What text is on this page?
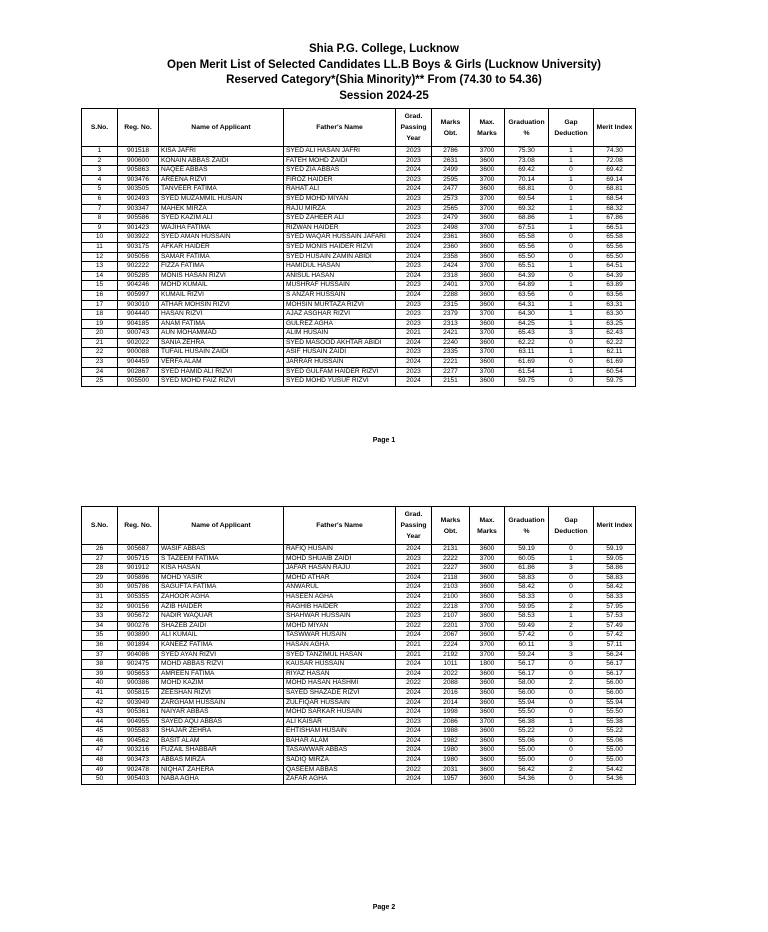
Shia P.G. College, Lucknow
Open Merit List of Selected Candidates LL.B Boys & Girls (Lucknow University)
Reserved Category*(Shia Minority)** From (74.30 to 54.36)
Session 2024-25
S.No.	Reg. No.	Name of Applicant	Father's Name	Grad. Passing Year	Marks Obt.	Max. Marks	Graduation %	Gap Deduction	Merit Index
1	901518	KISA JAFRI	SYED ALI HASAN JAFRI	2023	2786	3700	75.30	1	74.30
2	900600	KONAIN ABBAS ZAIDI	FATEH MOHD ZAIDI	2023	2631	3600	73.08	1	72.08
3	905863	NAQEE ABBAS	SYED ZIA ABBAS	2024	2499	3600	69.42	0	69.42
4	903476	AREENA RIZVI	FIROZ HAIDER	2023	2595	3700	70.14	1	69.14
5	903505	TANVEER FATIMA	RAHAT ALI	2024	2477	3600	68.81	0	68.81
6	902493	SYED MUZAMMIL HUSAIN	SYED MOHD MIYAN	2023	2573	3700	69.54	1	68.54
7	903347	MAHEK MIRZA	RAJU MIRZA	2023	2565	3700	69.32	1	68.32
8	905586	SYED KAZIM ALI	SYED ZAHEER ALI	2023	2479	3600	68.86	1	67.86
9	901423	WAJIHA FATIMA	RIZWAN HAIDER	2023	2498	3700	67.51	1	66.51
10	903922	SYED AMAN HUSSAIN	SYED WAQAR HUSSAIN JAFARI	2024	2361	3600	65.58	0	65.58
11	903175	AFKAR HAIDER	SYED MONIS HAIDER RIZVI	2024	2360	3600	65.56	0	65.56
12	905056	SAMAR FATIMA	SYED HUSAIN ZAMIN ABIDI	2024	2358	3600	65.50	0	65.50
13	902222	FIZZA FATIMA	HAMIDUL HASAN	2023	2424	3700	65.51	1	64.51
14	905285	MONIS HASAN RIZVI	ANISUL HASAN	2024	2318	3600	64.39	0	64.39
15	904246	MOHD KUMAIL	MUSHRAF HUSSAIN	2023	2401	3700	64.89	1	63.89
16	905997	KUMAIL RIZVI	S ANZAR HUSSAIN	2024	2288	3600	63.56	0	63.56
17	903010	ATHAR MOHSIN RIZVI	MOHSIN MURTAZA RIZVI	2023	2315	3600	64.31	1	63.31
18	904440	HASAN RIZVI	AJAZ ASGHAR RIZVI	2023	2379	3700	64.30	1	63.30
19	904185	ANAM FATIMA	GULREZ AGHA	2023	2313	3600	64.25	1	63.25
20	900743	AUN MOHAMMAD	ALIM HUSAIN	2021	2421	3700	65.43	3	62.43
21	902022	SANIA ZEHRA	SYED MASOOD AKHTAR ABIDI	2024	2240	3600	62.22	0	62.22
22	900088	TUFAIL HUSAIN ZAIDI	ASIF HUSAIN ZAIDI	2023	2335	3700	63.11	1	62.11
23	904459	VERFA ALAM	JARRAR HUSSAIN	2024	2221	3600	61.69	0	61.69
24	902867	SYED HAMID ALI RIZVI	SYED GULFAM HAIDER RIZVI	2023	2277	3700	61.54	1	60.54
25	905500	SYED MOHD FAIZ RIZVI	SYED MOHD YUSUF RIZVI	2024	2151	3600	59.75	0	59.75
Page 1
S.No.	Reg. No.	Name of Applicant	Father's Name	Grad. Passing Year	Marks Obt.	Max. Marks	Graduation %	Gap Deduction	Merit Index
26	905687	WASIF ABBAS	RAFIQ HUSAIN	2024	2131	3600	59.19	0	59.19
27	905715	S TAZEEM FATIMA	MOHD SHUAIB ZAIDI	2023	2222	3700	60.05	1	59.05
28	901912	KISA HASAN	JAFAR HASAN RAJU	2021	2227	3600	61.86	3	58.86
29	905896	MOHD YASIR	MOHD ATHAR	2024	2118	3600	58.83	0	58.83
30	905786	SAGUFTA FATIMA	ANWARUL	2024	2103	3600	58.42	0	58.42
31	905355	ZAHOOR AGHA	HASEEN AGHA	2024	2100	3600	58.33	0	58.33
32	900156	AZIB HAIDER	RAGHIB HAIDER	2022	2218	3700	59.95	2	57.95
33	905672	NADIR WAQUAR	SHAHWAR HUSSAIN	2023	2107	3600	58.53	1	57.53
34	900276	SHAZEB ZAIDI	MOHD MIYAN	2022	2201	3700	59.49	2	57.49
35	903890	ALI KUMAIL	TASWWAR HUSAIN	2024	2067	3600	57.42	0	57.42
36	901894	KANEEZ FATIMA	HASAN AGHA	2021	2224	3700	60.11	3	57.11
37	904086	SYED AYAN RIZVI	SYED TANZIMUL HASAN	2021	2192	3700	59.24	3	56.24
38	902475	MOHD ABBAS RIZVI	KAUSAR HUSSAIN	2024	1011	1800	56.17	0	56.17
39	905653	AMREEN FATIMA	RIYAZ HASAN	2024	2022	3600	56.17	0	56.17
40	900386	MOHD KAZIM	MOHD HASAN HASHMI	2022	2088	3600	58.00	2	56.00
41	905815	ZEESHAN RIZVI	SAYED SHAZADE RIZVI	2024	2016	3600	56.00	0	56.00
42	903949	ZARGHAM HUSSAIN	ZULFIQAR HUSSAIN	2024	2014	3600	55.94	0	55.94
43	905361	NAIYAR ABBAS	MOHD SARKAR HUSAIN	2024	1998	3600	55.50	0	55.50
44	904955	SAYED AQU ABBAS	ALI KAISAR	2023	2086	3700	56.38	1	55.38
45	905583	SHAJAR ZEHRA	EHTISHAM HUSAIN	2024	1988	3600	55.22	0	55.22
46	904562	BASIT ALAM	BAHAR ALAM	2024	1982	3600	55.06	0	55.06
47	903216	FUZAIL SHABBAR	TASAWWAR ABBAS	2024	1980	3600	55.00	0	55.00
48	903473	ABBAS MIRZA	SADIQ MIRZA	2024	1980	3600	55.00	0	55.00
49	902478	NIQHAT ZAHERA	QASEEM ABBAS	2022	2031	3600	56.42	2	54.42
50	905403	NABA AGHA	ZAFAR AGHA	2024	1957	3600	54.36	0	54.36
Page 2
